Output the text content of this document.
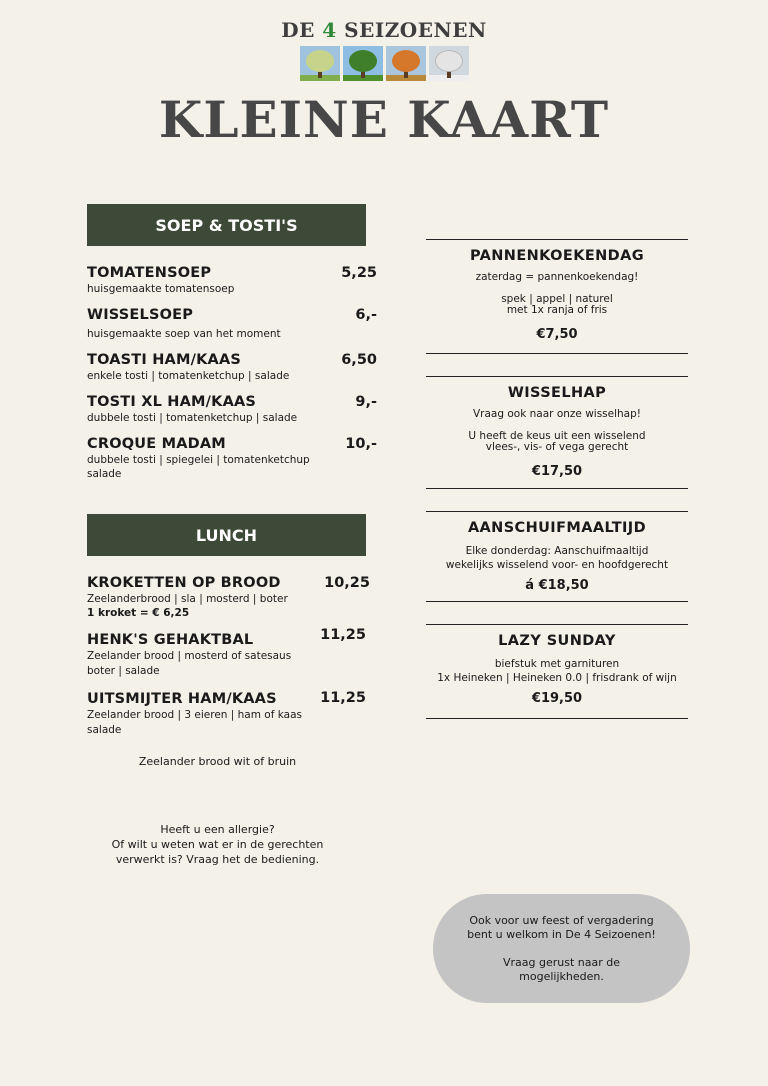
DE 4 SEIZOENEN
KLEINE KAART
SOEP & TOSTI'S
TOMATENSOEP	5,25
huisgemaakte tomatensoep
WISSELSOEP	6,-
huisgemaakte soep van het moment
TOASTI HAM/KAAS	6,50
enkele tosti | tomatenketchup | salade
TOSTI XL HAM/KAAS	9,-
dubbele tosti | tomatenketchup | salade
CROQUE MADAM	10,-
dubbele tosti | spiegelei | tomatenketchup salade
LUNCH
KROKETTEN OP BROOD	10,25
Zeelanderbrood | sla | mosterd | boter
1 kroket = € 6,25
HENK'S GEHAKTBAL	11,25
Zeelander brood | mosterd of satesaus boter | salade
UITSMIJTER HAM/KAAS	11,25
Zeelander brood | 3 eieren | ham of kaas salade
Zeelander brood wit of bruin
Heeft u een allergie?
Of wilt u weten wat er in de gerechten
verwerkt is? Vraag het de bediening.
PANNENKOEKENDAG
zaterdag = pannenkoekendag!
spek | appel | naturel
met 1x ranja of fris
€7,50
WISSELHAP
Vraag ook naar onze wisselhap!
U heeft de keus uit een wisselend
vlees-, vis- of vega gerecht
€17,50
AANSCHUIFMAALTIJD
Elke donderdag: Aanschuifmaaltijd
wekelijks wisselend voor- en hoofdgerecht
á €18,50
LAZY SUNDAY
biefstuk met garnituren
1x Heineken | Heineken 0.0 | frisdrank of wijn
€19,50
Ook voor uw feest of vergadering
bent u welkom in De 4 Seizoenen!
Vraag gerust naar de
mogelijkheden.
